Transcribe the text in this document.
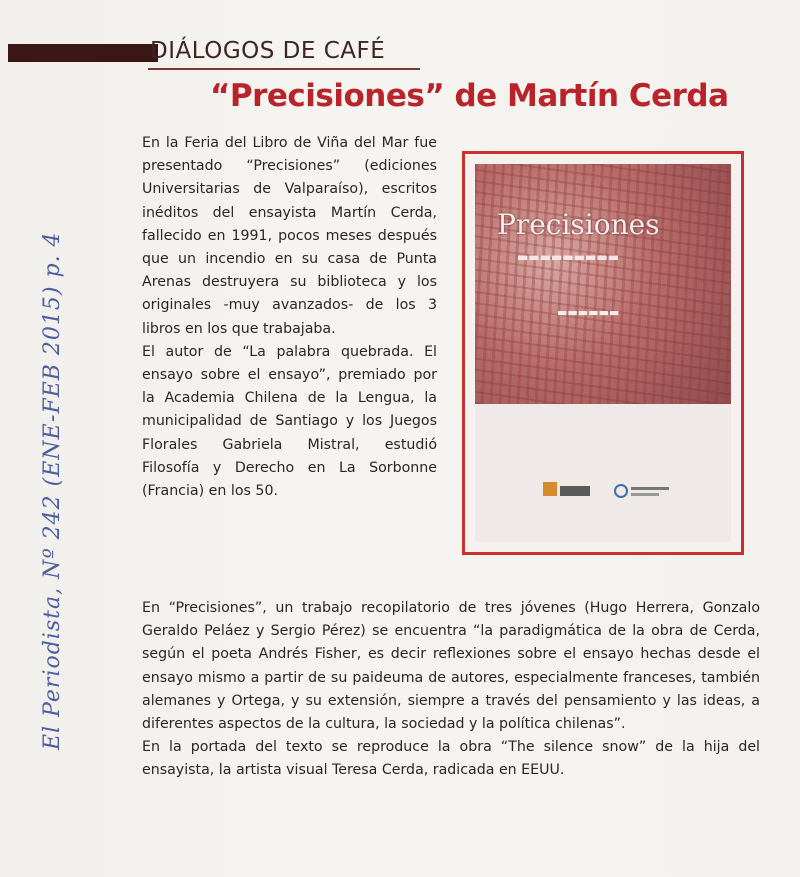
DIÁLOGOS DE CAFÉ
“Precisiones” de Martín Cerda

En la Feria del Libro de Viña del Mar fue presentado “Precisiones” (ediciones Universitarias de Valparaíso), escritos inéditos del ensayista Martín Cerda, fallecido en 1991, pocos meses después que un incendio en su casa de Punta Arenas destruyera su biblioteca y los originales -muy avanzados- de los 3 libros en los que trabajaba.
El autor de “La palabra quebrada. El ensayo sobre el ensayo”, premiado por la Academia Chilena de la Lengua, la municipalidad de Santiago y los Juegos Florales Gabriela Mistral, estudió Filosofía y Derecho en La Sorbonne (Francia) en los 50.

Precisiones
▬▬▬▬▬▬▬▬▬
▬▬▬▬▬▬

En “Precisiones”, un trabajo recopilatorio de tres jóvenes (Hugo Herrera, Gonzalo Geraldo Peláez y Sergio Pérez) se encuentra “la paradigmática de la obra de Cerda, según el poeta Andrés Fisher, es decir reflexiones sobre el ensayo hechas desde el ensayo mismo a partir de su paideuma de autores, especialmente franceses, también alemanes y Ortega, y su extensión, siempre a través del pensamiento y las ideas, a diferentes aspectos de la cultura, la sociedad y la política chilenas”.
En la portada del texto se reproduce la obra “The silence snow” de la hija del ensayista, la artista visual Teresa Cerda, radicada en EEUU.

El Periodista, Nº 242 (ENE-FEB 2015) p. 4
